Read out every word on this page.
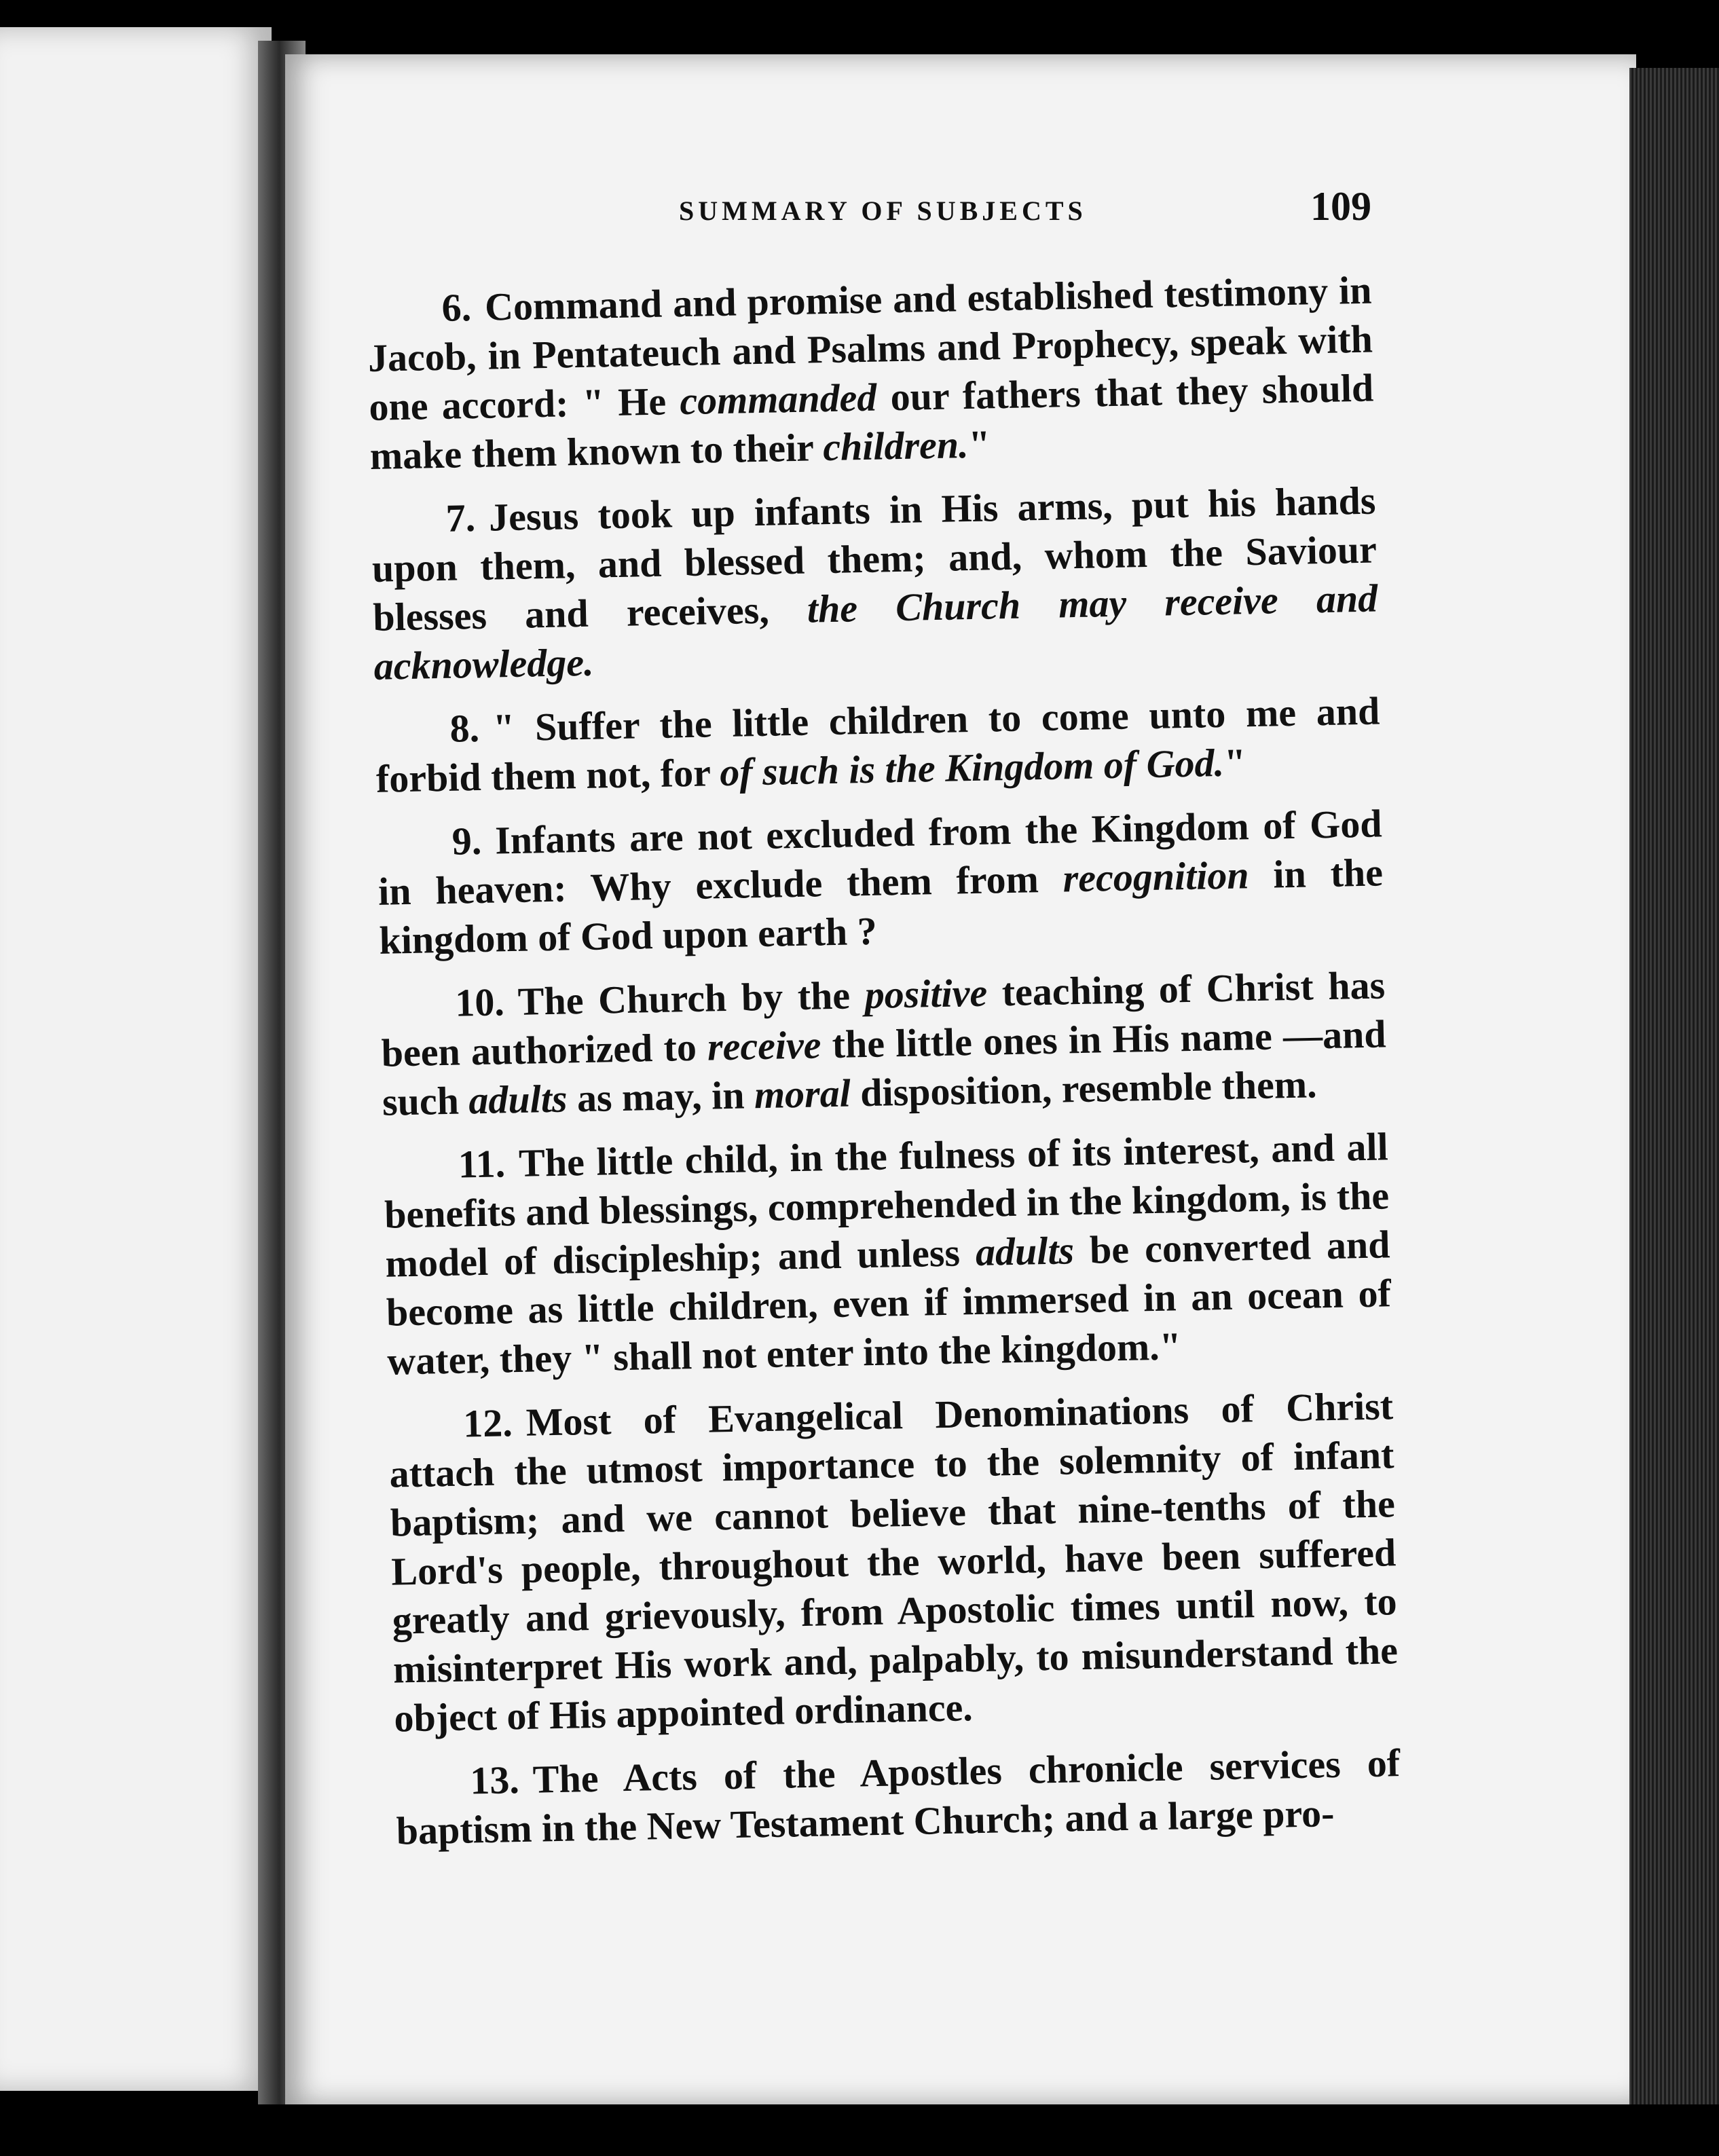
SUMMARY OF SUBJECTS	109

6. Command and promise and established testimony in Jacob, in Pentateuch and Psalms and Prophecy, speak with one accord: " He commanded our fathers that they should make them known to their children."

7. Jesus took up infants in His arms, put his hands upon them, and blessed them; and, whom the Saviour blesses and receives, the Church may receive and acknowledge.

8. " Suffer the little children to come unto me and forbid them not, for of such is the Kingdom of God."

9. Infants are not excluded from the Kingdom of God in heaven: Why exclude them from recognition in the kingdom of God upon earth ?

10. The Church by the positive teaching of Christ has been authorized to receive the little ones in His name —and such adults as may, in moral disposition, resemble them.

11. The little child, in the fulness of its interest, and all benefits and blessings, comprehended in the kingdom, is the model of discipleship; and unless adults be converted and become as little children, even if immersed in an ocean of water, they " shall not enter into the kingdom."

12. Most of Evangelical Denominations of Christ attach the utmost importance to the solemnity of infant baptism; and we cannot believe that nine-tenths of the Lord's people, throughout the world, have been suffered greatly and grievously, from Apostolic times until now, to misinterpret His work and, palpably, to misunderstand the object of His appointed ordinance.

13. The Acts of the Apostles chronicle services of baptism in the New Testament Church; and a large pro-
